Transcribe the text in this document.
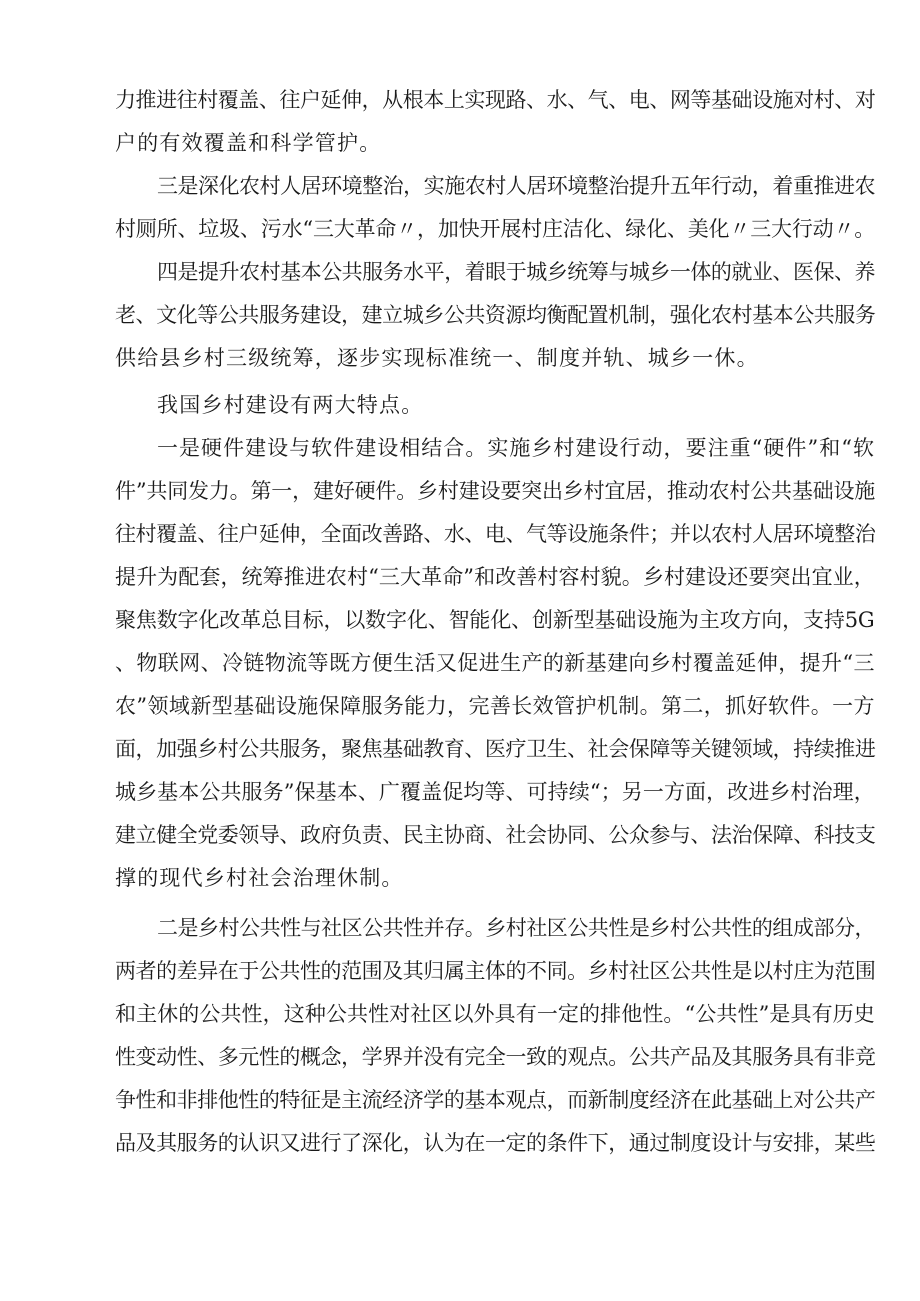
力推进往村覆盖、往户延伸，从根本上实现路、水、气、电、网等基础设施对村、对
户的有效覆盖和科学管护。
三是深化农村人居环境整治，实施农村人居环境整治提升五年行动，着重推进农
村厕所、垃圾、污水“三大革命〃，加快开展村庄洁化、绿化、美化〃三大行动〃。
四是提升农村基本公共服务水平，着眼于城乡统筹与城乡一体的就业、医保、养
老、文化等公共服务建设，建立城乡公共资源均衡配置机制，强化农村基本公共服务
供给县乡村三级统筹，逐步实现标准统一、制度并轨、城乡一休。
我国乡村建设有两大特点。
一是硬件建设与软件建设相结合。实施乡村建设行动，要注重“硬件”和“软
件”共同发力。第一，建好硬件。乡村建设要突出乡村宜居，推动农村公共基础设施
往村覆盖、往户延伸，全面改善路、水、电、气等设施条件；并以农村人居环境整治
提升为配套，统筹推进农村“三大革命”和改善村容村貌。乡村建设还要突出宜业，
聚焦数字化改革总目标，以数字化、智能化、创新型基础设施为主攻方向，支持5G
、物联网、冷链物流等既方便生活又促进生产的新基建向乡村覆盖延伸，提升“三
农”领域新型基础设施保障服务能力，完善长效管护机制。第二，抓好软件。一方
面，加强乡村公共服务，聚焦基础教育、医疗卫生、社会保障等关键领域，持续推进
城乡基本公共服务”保基本、广覆盖促均等、可持续“；另一方面，改进乡村治理，
建立健全党委领导、政府负责、民主协商、社会协同、公众参与、法治保障、科技支
撑的现代乡村社会治理休制。
二是乡村公共性与社区公共性并存。乡村社区公共性是乡村公共性的组成部分，
两者的差异在于公共性的范围及其归属主体的不同。乡村社区公共性是以村庄为范围
和主休的公共性，这种公共性对社区以外具有一定的排他性。“公共性”是具有历史
性变动性、多元性的概念，学界并没有完全一致的观点。公共产品及其服务具有非竞
争性和非排他性的特征是主流经济学的基本观点，而新制度经济在此基础上对公共产
品及其服务的认识又进行了深化，认为在一定的条件下，通过制度设计与安排，某些
